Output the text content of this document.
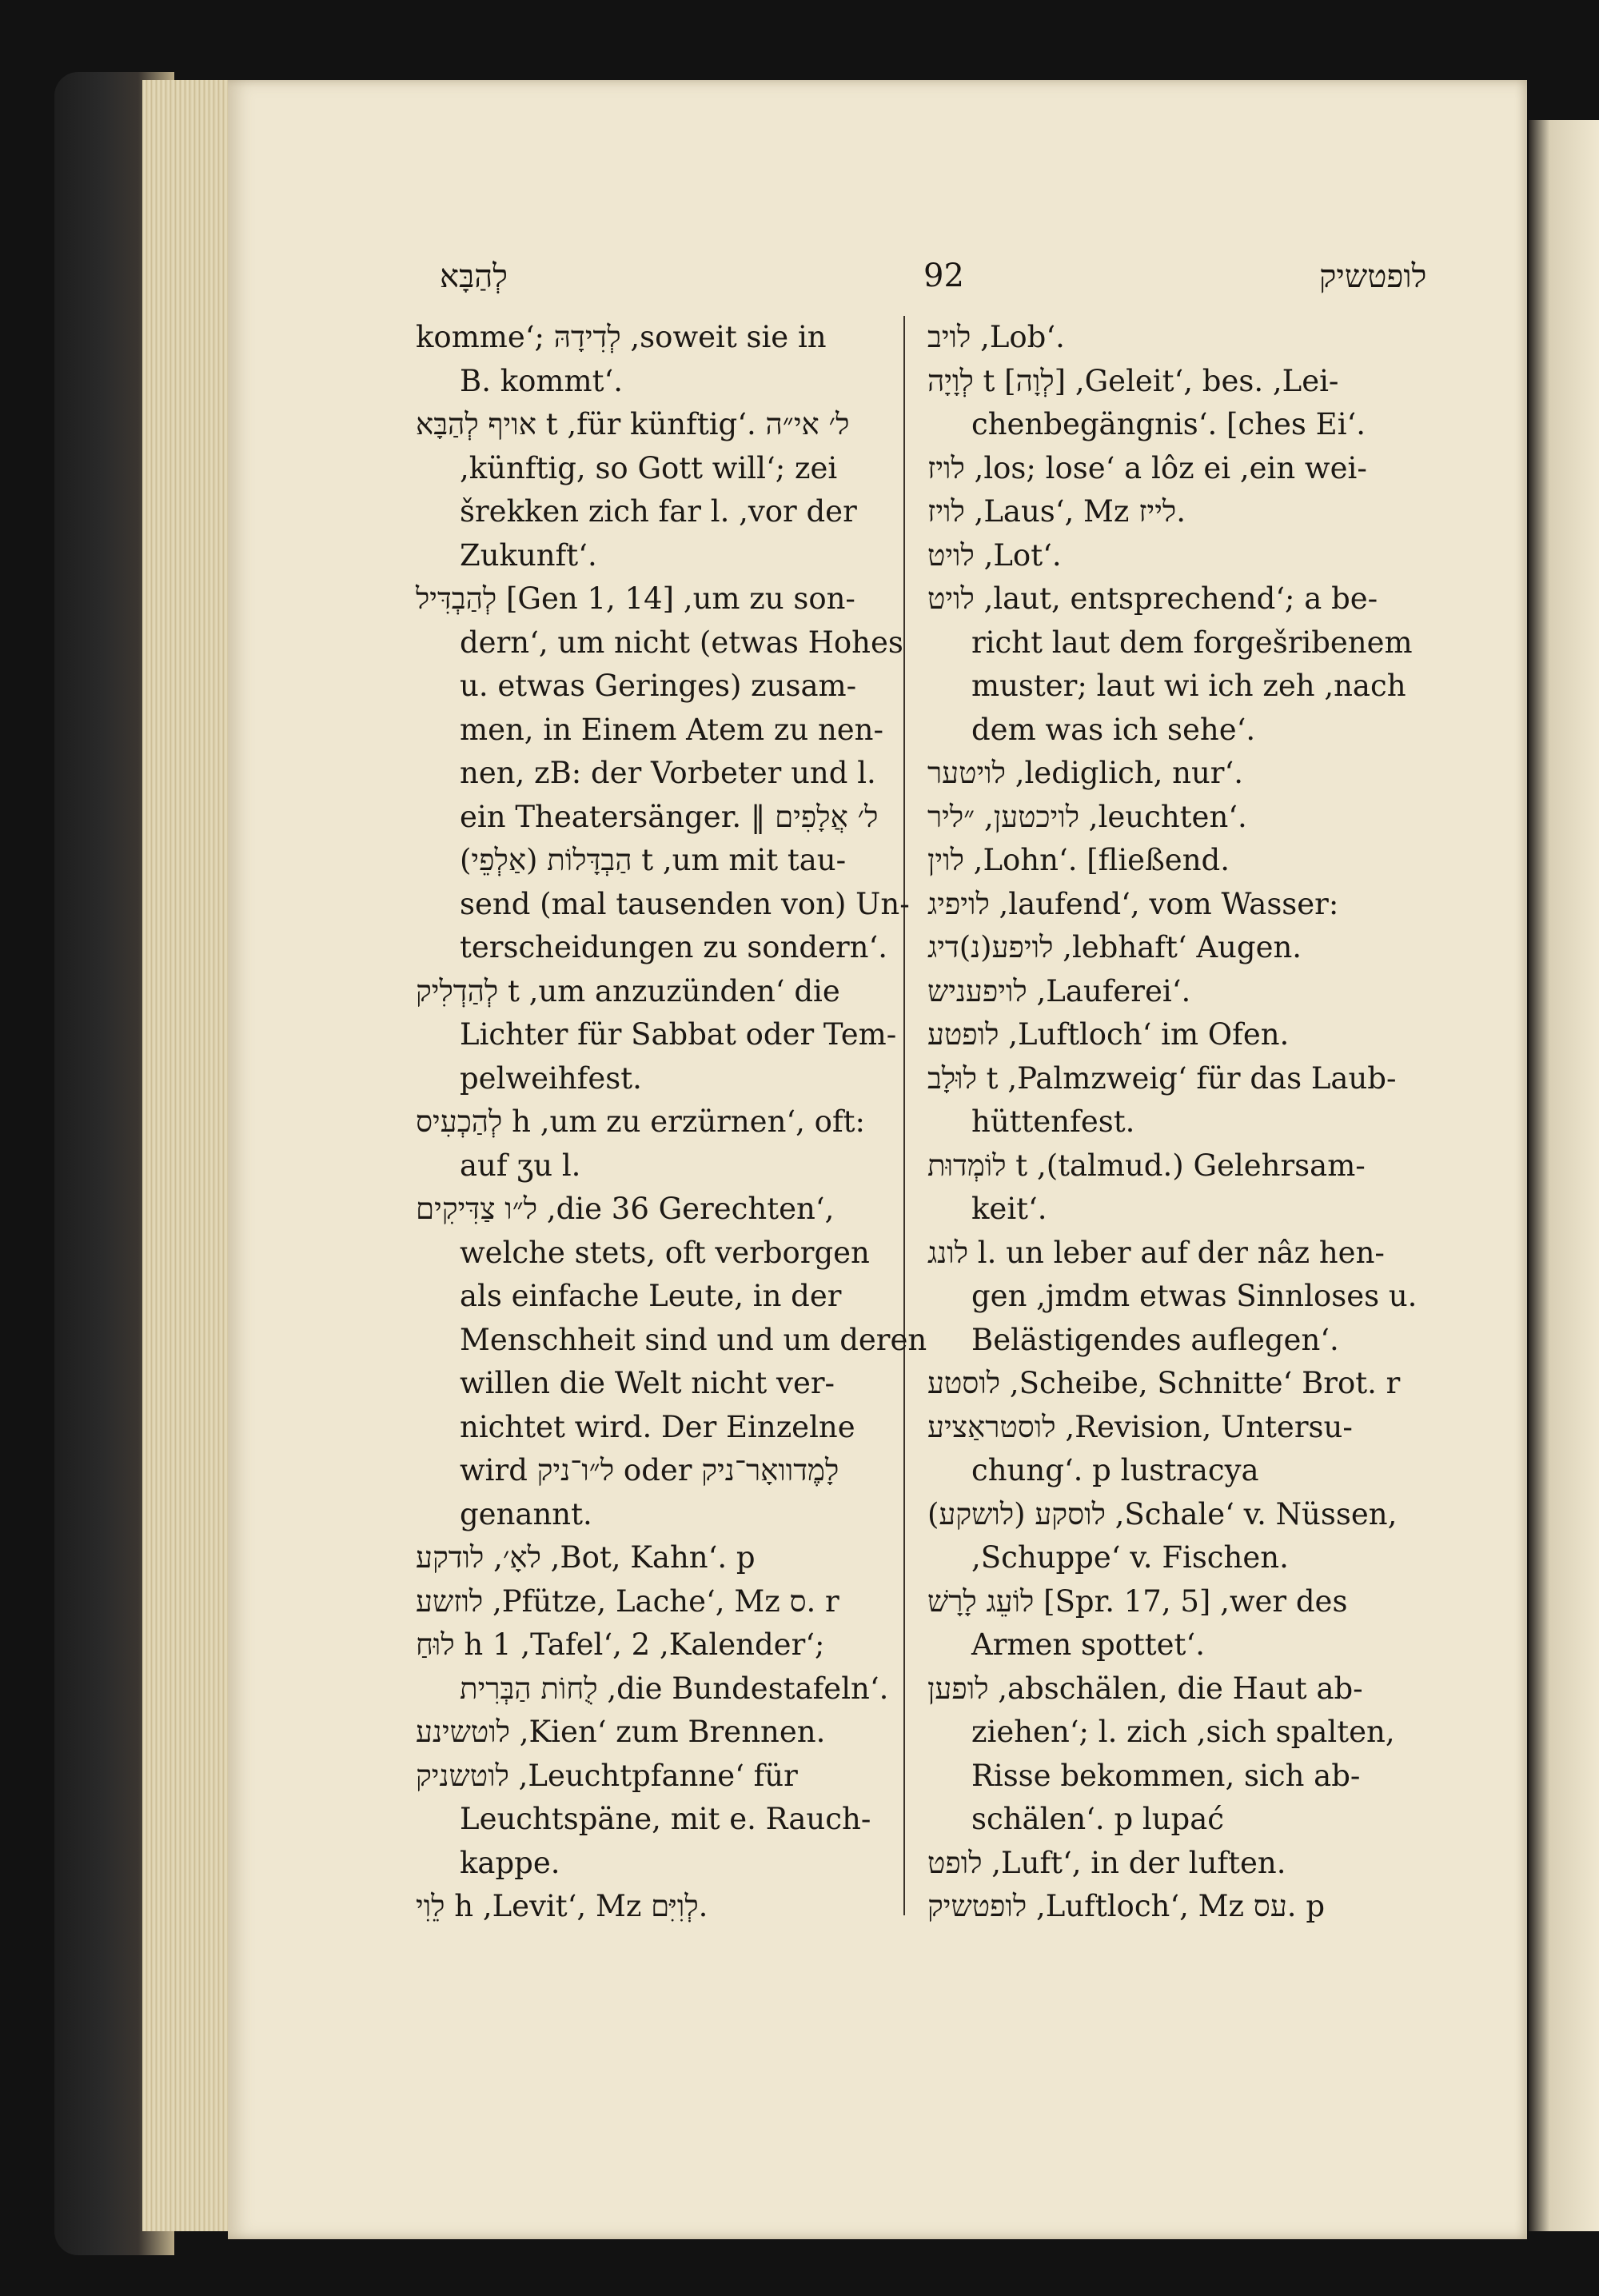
לְהַבָּא	92	לופטשיק
komme‘; לְדִידָהּ ,soweit sie in
B. kommt‘.
אויף לְהַבָּא t ,für künftig‘. ל׳ אי״ה
,künftig, so Gott will‘; zei
šrekken zich far l. ,vor der
Zukunft‘.
לְהַבְדִּיל [Gen 1, 14] ,um zu son-
dern‘, um nicht (etwas Hohes
u. etwas Geringes) zusam-
men, in Einem Atem zu nen-
nen, zB: der Vorbeter und l.
ein Theatersänger. ‖ ל׳ אֲלָפִים
הַבְדָּלוֹת (אַלְפֵי) t ,um mit tau-
send (mal tausenden von) Un-
terscheidungen zu sondern‘.
לְהַדְלִיק t ,um anzuzünden‘ die
Lichter für Sabbat oder Tem-
pelweihfest.
לְהַכְעִיס h ,um zu erzürnen‘, oft:
auf ʒu l.
ל״ו צַדִּיקִים ,die 36 Gerechten‘,
welche stets, oft verborgen
als einfache Leute, in der
Menschheit sind und um deren
willen die Welt nicht ver-
nichtet wird. Der Einzelne
wird ל״ו־ניק oder לָמֶדוואָר־ניק
genannt.
לאָ׳, לודקע ,Bot, Kahn‘. p
לוזשע ,Pfütze, Lache‘, Mz ס. r
לוּחַ h 1 ,Tafel‘, 2 ,Kalender‘;
לֻחוֹת הַבְּרִית ,die Bundestafeln‘.
לוטשינע ,Kien‘ zum Brennen.
לוטשניק ,Leuchtpfanne‘ für
Leuchtspäne, mit e. Rauch-
kappe.
לֵוִי h ,Levit‘, Mz לְוִיִּם.
לויב ,Lob‘.
לְוָיָה t [לְוָה] ,Geleit‘, bes. ,Lei-
chenbegängnis‘. [ches Ei‘.
לויז ,los; lose‘ a lôz ei ,ein wei-
לויז ,Laus‘, Mz לייז.
לויט ,Lot‘.
לויט ,laut, entsprechend‘; a be-
richt laut dem forgešribenem
muster; laut wi ich zeh ,nach
dem was ich sehe‘.
לויטער ,lediglich, nur‘.
לויכטען, ״ליר ,leuchten‘.
לוין ,Lohn‘. [fließend.
לויפיג ,laufend‘, vom Wasser:
לויפע(נ)דיג ,lebhaft‘ Augen.
לויפעניש ,Lauferei‘.
לופטע ,Luftloch‘ im Ofen.
לוּלָב t ,Palmzweig‘ für das Laub-
hüttenfest.
לוֹמְדוּת t ,(talmud.) Gelehrsam-
keit‘.
לונג l. un leber auf der nâz hen-
gen ,jmdm etwas Sinnloses u.
Belästigendes auflegen‘.
לוסטע ,Scheibe, Schnitte‘ Brot. r
לוסטראַציע ,Revision, Untersu-
chung‘. p lustracya
לוסקע (לושקע) ,Schale‘ v. Nüssen,
,Schuppe‘ v. Fischen.
לוֹעֵג לָרָשׁ [Spr. 17, 5] ,wer des
Armen spottet‘.
לופען ,abschälen, die Haut ab-
ziehen‘; l. zich ,sich spalten,
Risse bekommen, sich ab-
schälen‘. p lupać
לופט ,Luft‘, in der luften.
לופטשיק ,Luftloch‘, Mz עס. p
